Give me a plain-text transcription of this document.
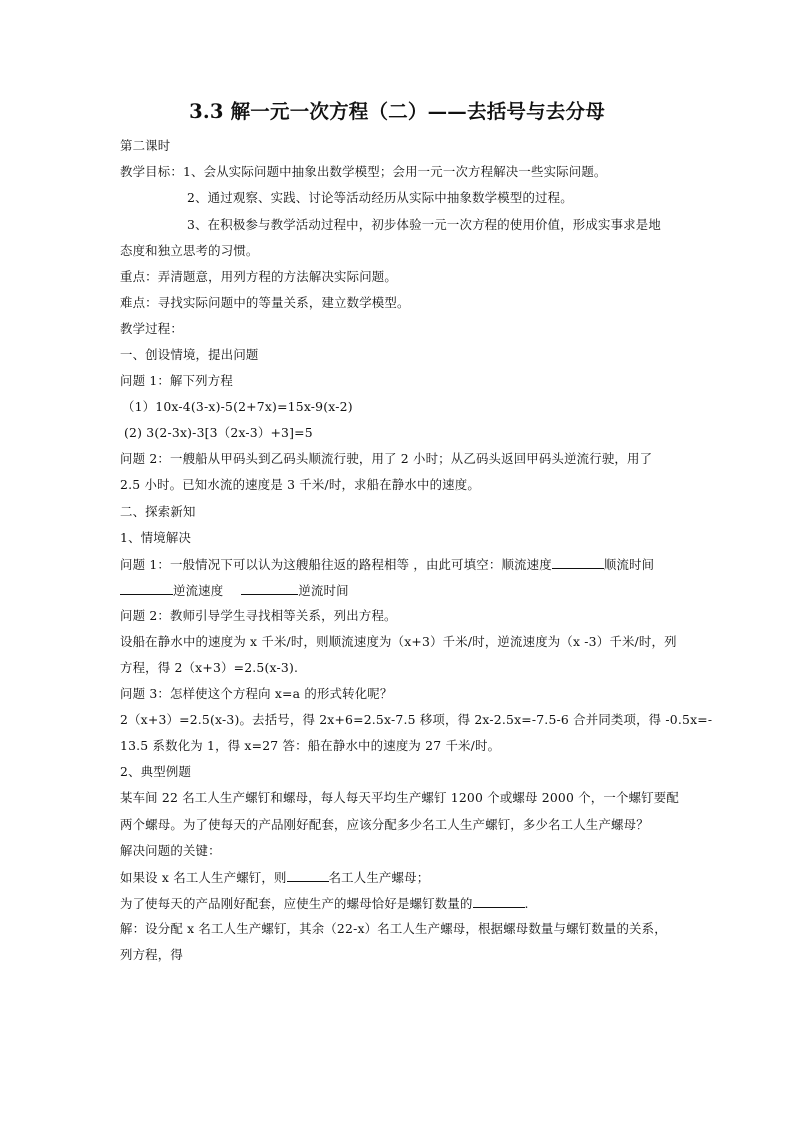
3.3 解一元一次方程（二）——去括号与去分母
第二课时
教学目标：1、会从实际问题中抽象出数学模型；会用一元一次方程解决一些实际问题。
2、通过观察、实践、讨论等活动经历从实际中抽象数学模型的过程。
3、在积极参与教学活动过程中，初步体验一元一次方程的使用价值，形成实事求是地
态度和独立思考的习惯。
重点：弄清题意，用列方程的方法解决实际问题。
难点：寻找实际问题中的等量关系，建立数学模型。
教学过程：
一、创设情境，提出问题
问题 1：解下列方程
（1）10x-4(3-x)-5(2+7x)=15x-9(x-2)
(2) 3(2-3x)-3[3（2x-3）+3]=5
问题 2：一艘船从甲码头到乙码头顺流行驶，用了 2 小时；从乙码头返回甲码头逆流行驶，用了
2.5 小时。已知水流的速度是 3 千米/时，求船在静水中的速度。
二、探索新知
1、情境解决
问题 1：一般情况下可以认为这艘船往返的路程相等 ，由此可填空：顺流速度	顺流时间
逆流速度	逆流时间
问题 2：教师引导学生寻找相等关系，列出方程。
设船在静水中的速度为 x 千米/时，则顺流速度为（x+3）千米/时，逆流速度为（x -3）千米/时，列
方程，得 2（x+3）=2.5(x-3).
问题 3：怎样使这个方程向 x=a 的形式转化呢？
2（x+3）=2.5(x-3)。去括号，得 2x+6=2.5x-7.5 移项，得 2x-2.5x=-7.5-6 合并同类项，得 -0.5x=-
13.5 系数化为 1，得 x=27 答：船在静水中的速度为 27 千米/时。
2、典型例题
某车间 22 名工人生产螺钉和螺母，每人每天平均生产螺钉 1200 个或螺母 2000 个，一个螺钉要配
两个螺母。为了使每天的产品刚好配套，应该分配多少名工人生产螺钉，多少名工人生产螺母？
解决问题的关键：
如果设 x 名工人生产螺钉，则	名工人生产螺母；
为了使每天的产品刚好配套，应使生产的螺母恰好是螺钉数量的	.
解：设分配 x 名工人生产螺钉，其余（22-x）名工人生产螺母，根据螺母数量与螺钉数量的关系，
列方程，得
